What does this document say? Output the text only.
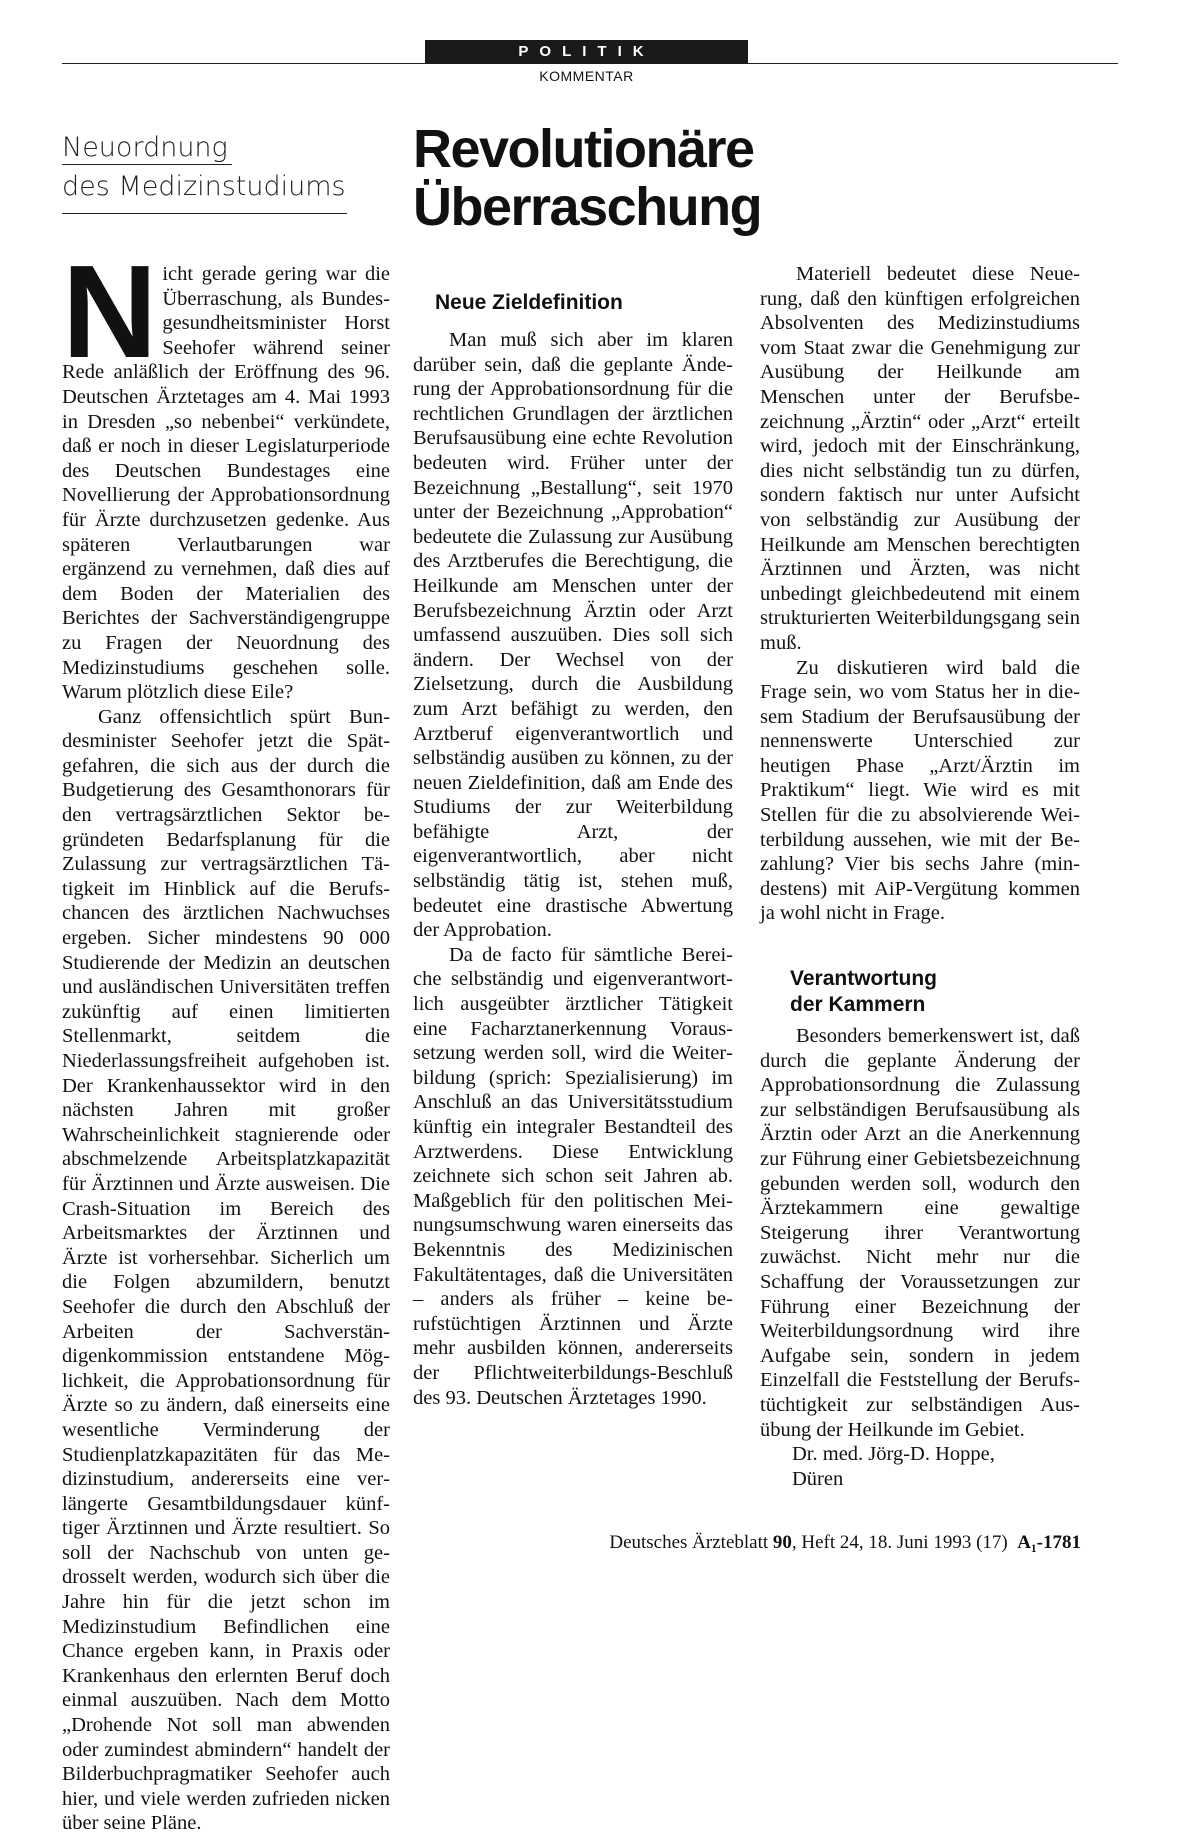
POLITIK
KOMMENTAR
Neuordnung
des Medizinstudiums
Revolutionäre
Überraschung

Nicht gerade gering war die Überraschung, als Bundesgesundheitsminister Horst Seehofer während seiner Rede anläßlich der Eröffnung des 96. Deutschen Ärztetages am 4. Mai 1993 in Dresden „so nebenbei“ verkündete, daß er noch in dieser Legislaturperiode des Deutschen Bundestages eine Novellierung der Approbationsordnung für Ärzte durchzusetzen gedenke. Aus späteren Verlautbarungen war ergänzend zu vernehmen, daß dies auf dem Boden der Materialien des Berichtes der Sachverständigengruppe zu Fragen der Neuordnung des Medizinstudiums geschehen solle. Warum plötzlich diese Eile?

Ganz offensichtlich spürt Bundesminister Seehofer jetzt die Spätgefahren, die sich aus der durch die Budgetierung des Gesamthonorars für den vertragsärztlichen Sektor begründeten Bedarfsplanung für die Zulassung zur vertragsärztlichen Tätigkeit im Hinblick auf die Berufschancen des ärztlichen Nachwuchses ergeben. Sicher mindestens 90 000 Studierende der Medizin an deutschen und ausländischen Universitäten treffen zukünftig auf einen limitierten Stellenmarkt, seitdem die Niederlassungsfreiheit aufgehoben ist. Der Krankenhaussektor wird in den nächsten Jahren mit großer Wahrscheinlichkeit stagnierende oder abschmelzende Arbeitsplatzkapazität für Ärztinnen und Ärzte ausweisen. Die Crash-Situation im Bereich des Arbeitsmarktes der Ärztinnen und Ärzte ist vorhersehbar. Sicherlich um die Folgen abzumildern, benutzt Seehofer die durch den Abschluß der Arbeiten der Sachverständigenkommission entstandene Möglichkeit, die Approbationsordnung für Ärzte so zu ändern, daß einerseits eine wesentliche Verminderung der Studienplatzkapazitäten für das Medizinstudium, andererseits eine verlängerte Gesamtbildungsdauer künftiger Ärztinnen und Ärzte resultiert. So soll der Nachschub von unten gedrosselt werden, wodurch sich über die Jahre hin für die jetzt schon im Medizinstudium Befindlichen eine Chance ergeben kann, in Praxis oder Krankenhaus den erlernten Beruf doch einmal auszuüben. Nach dem Motto „Drohende Not soll man abwenden oder zumindest abmindern“ handelt der Bilderbuchpragmatiker Seehofer auch hier, und viele werden zufrieden nicken über seine Pläne.

Neue Zieldefinition

Man muß sich aber im klaren darüber sein, daß die geplante Änderung der Approbationsordnung für die rechtlichen Grundlagen der ärztlichen Berufsausübung eine echte Revolution bedeuten wird. Früher unter der Bezeichnung „Bestallung“, seit 1970 unter der Bezeichnung „Approbation“ bedeutete die Zulassung zur Ausübung des Arztberufes die Berechtigung, die Heilkunde am Menschen unter der Berufsbezeichnung Ärztin oder Arzt umfassend auszuüben. Dies soll sich ändern. Der Wechsel von der Zielsetzung, durch die Ausbildung zum Arzt befähigt zu werden, den Arztberuf eigenverantwortlich und selbständig ausüben zu können, zu der neuen Zieldefinition, daß am Ende des Studiums der zur Weiterbildung befähigte Arzt, der eigenverantwortlich, aber nicht selbständig tätig ist, stehen muß, bedeutet eine drastische Abwertung der Approbation.

Da de facto für sämtliche Bereiche selbständig und eigenverantwortlich ausgeübter ärztlicher Tätigkeit eine Facharztanerkennung Voraussetzung werden soll, wird die Weiterbildung (sprich: Spezialisierung) im Anschluß an das Universitätsstudium künftig ein integraler Bestandteil des Arztwerdens. Diese Entwicklung zeichnete sich schon seit Jahren ab. Maßgeblich für den politischen Meinungsumschwung waren einerseits das Bekenntnis des Medizinischen Fakultätentages, daß die Universitäten – anders als früher – keine berufstüchtigen Ärztinnen und Ärzte mehr ausbilden können, andererseits der Pflichtweiterbildungs-Beschluß des 93. Deutschen Ärztetages 1990.

Materiell bedeutet diese Neuerung, daß den künftigen erfolgreichen Absolventen des Medizinstudiums vom Staat zwar die Genehmigung zur Ausübung der Heilkunde am Menschen unter der Berufsbezeichnung „Ärztin“ oder „Arzt“ erteilt wird, jedoch mit der Einschränkung, dies nicht selbständig tun zu dürfen, sondern faktisch nur unter Aufsicht von selbständig zur Ausübung der Heilkunde am Menschen berechtigten Ärztinnen und Ärzten, was nicht unbedingt gleichbedeutend mit einem strukturierten Weiterbildungsgang sein muß.

Zu diskutieren wird bald die Frage sein, wo vom Status her in diesem Stadium der Berufsausübung der nennenswerte Unterschied zur heutigen Phase „Arzt/Ärztin im Praktikum“ liegt. Wie wird es mit Stellen für die zu absolvierende Weiterbildung aussehen, wie mit der Bezahlung? Vier bis sechs Jahre (mindestens) mit AiP-Vergütung kommen ja wohl nicht in Frage.

Verantwortung
der Kammern

Besonders bemerkenswert ist, daß durch die geplante Änderung der Approbationsordnung die Zulassung zur selbständigen Berufsausübung als Ärztin oder Arzt an die Anerkennung zur Führung einer Gebietsbezeichnung gebunden werden soll, wodurch den Ärztekammern eine gewaltige Steigerung ihrer Verantwortung zuwächst. Nicht mehr nur die Schaffung der Voraussetzungen zur Führung einer Bezeichnung der Weiterbildungsordnung wird ihre Aufgabe sein, sondern in jedem Einzelfall die Feststellung der Berufstüchtigkeit zur selbständigen Ausübung der Heilkunde im Gebiet.

Dr. med. Jörg-D. Hoppe,
Düren
Deutsches Ärzteblatt 90, Heft 24, 18. Juni 1993 (17) A₁-1781
